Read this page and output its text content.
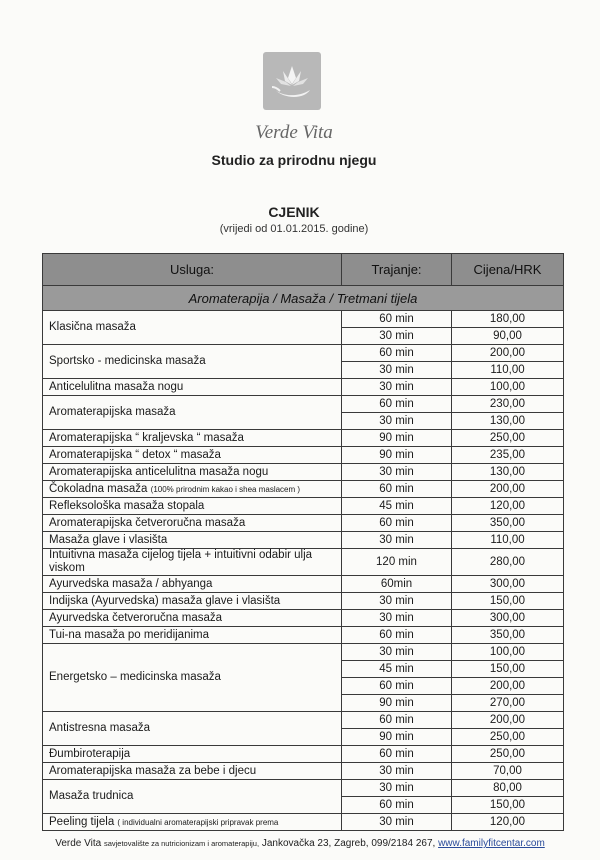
Verde Vita
Studio za prirodnu njegu
CJENIK
(vrijedi od 01.01.2015. godine)
Usluga:	Trajanje:	Cijena/HRK
Aromaterapija / Masaža / Tretmani tijela		
Klasična masaža	60 min	180,00
	30 min	90,00
Sportsko - medicinska masaža	60 min	200,00
	30 min	110,00
Anticelulitna masaža nogu	30 min	100,00
Aromaterapijska masaža	60 min	230,00
	30 min	130,00
Aromaterapijska “ kraljevska “ masaža	90 min	250,00
Aromaterapijska “ detox “ masaža	90 min	235,00
Aromaterapijska anticelulitna masaža nogu	30 min	130,00
Čokoladna masaža (100% prirodnim kakao i shea maslacem )	60 min	200,00
Refleksološka masaža stopala	45 min	120,00
Aromaterapijska četveroručna masaža	60 min	350,00
Masaža glave i vlasišta	30 min	110,00
Intuitivna masaža cijelog tijela + intuitivni odabir ulja viskom	120 min	280,00
Ayurvedska masaža / abhyanga	60min	300,00
Indijska (Ayurvedska) masaža glave i vlasišta	30 min	150,00
Ayurvedska četveroručna masaža	30 min	300,00
Tui-na masaža po meridijanima	60 min	350,00
Energetsko – medicinska masaža	30 min	100,00
	45 min	150,00
	60 min	200,00
	90 min	270,00
Antistresna masaža	60 min	200,00
	90 min	250,00
Đumbiroterapija	60 min	250,00
Aromaterapijska masaža za bebe i djecu	30 min	70,00
Masaža trudnica	30 min	80,00
	60 min	150,00
Peeling tijela ( individualni aromaterapijski pripravak prema	30 min	120,00
Verde Vita savjetovalište za nutricionizam i aromaterapiju, Jankovačka 23, Zagreb, 099/2184 267, www.familyfitcentar.com
